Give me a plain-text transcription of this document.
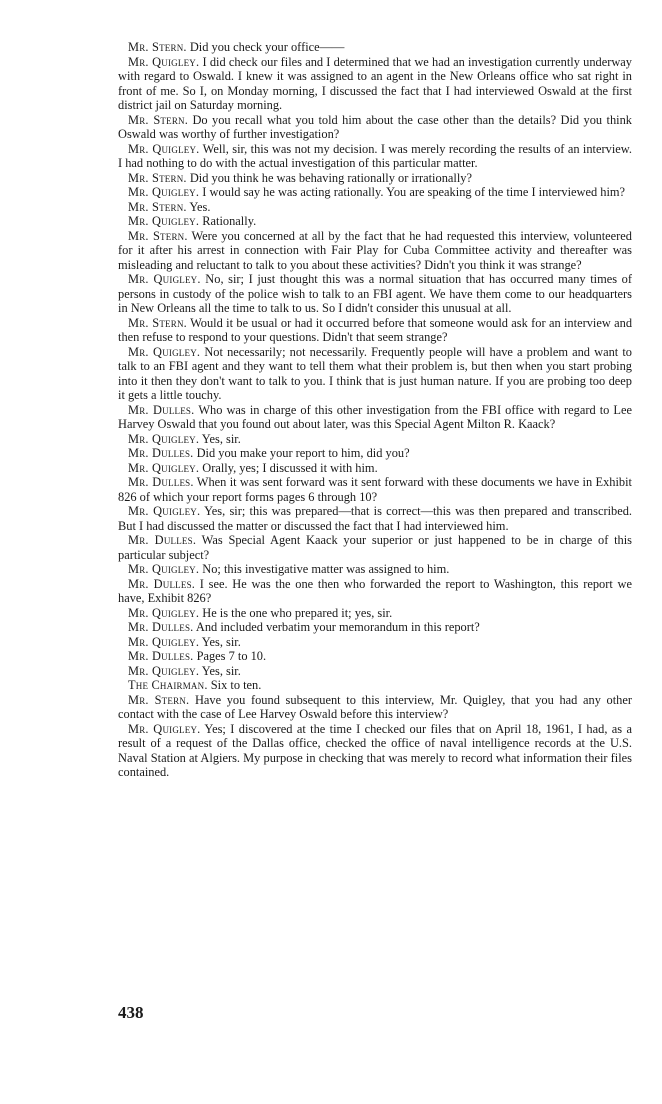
Mr. Stern. Did you check your office——

Mr. Quigley. I did check our files and I determined that we had an investigation currently underway with regard to Oswald. I knew it was assigned to an agent in the New Orleans office who sat right in front of me. So I, on Monday morning, I discussed the fact that I had interviewed Oswald at the first district jail on Saturday morning.

Mr. Stern. Do you recall what you told him about the case other than the details? Did you think Oswald was worthy of further investigation?

Mr. Quigley. Well, sir, this was not my decision. I was merely recording the results of an interview. I had nothing to do with the actual investigation of this particular matter.

Mr. Stern. Did you think he was behaving rationally or irrationally?

Mr. Quigley. I would say he was acting rationally. You are speaking of the time I interviewed him?

Mr. Stern. Yes.

Mr. Quigley. Rationally.

Mr. Stern. Were you concerned at all by the fact that he had requested this interview, volunteered for it after his arrest in connection with Fair Play for Cuba Committee activity and thereafter was misleading and reluctant to talk to you about these activities? Didn't you think it was strange?

Mr. Quigley. No, sir; I just thought this was a normal situation that has occurred many times of persons in custody of the police wish to talk to an FBI agent. We have them come to our headquarters in New Orleans all the time to talk to us. So I didn't consider this unusual at all.

Mr. Stern. Would it be usual or had it occurred before that someone would ask for an interview and then refuse to respond to your questions. Didn't that seem strange?

Mr. Quigley. Not necessarily; not necessarily. Frequently people will have a problem and want to talk to an FBI agent and they want to tell them what their problem is, but then when you start probing into it then they don't want to talk to you. I think that is just human nature. If you are probing too deep it gets a little touchy.

Mr. Dulles. Who was in charge of this other investigation from the FBI office with regard to Lee Harvey Oswald that you found out about later, was this Special Agent Milton R. Kaack?

Mr. Quigley. Yes, sir.

Mr. Dulles. Did you make your report to him, did you?

Mr. Quigley. Orally, yes; I discussed it with him.

Mr. Dulles. When it was sent forward was it sent forward with these documents we have in Exhibit 826 of which your report forms pages 6 through 10?

Mr. Quigley. Yes, sir; this was prepared—that is correct—this was then prepared and transcribed. But I had discussed the matter or discussed the fact that I had interviewed him.

Mr. Dulles. Was Special Agent Kaack your superior or just happened to be in charge of this particular subject?

Mr. Quigley. No; this investigative matter was assigned to him.

Mr. Dulles. I see. He was the one then who forwarded the report to Washington, this report we have, Exhibit 826?

Mr. Quigley. He is the one who prepared it; yes, sir.

Mr. Dulles. And included verbatim your memorandum in this report?

Mr. Quigley. Yes, sir.

Mr. Dulles. Pages 7 to 10.

Mr. Quigley. Yes, sir.

The Chairman. Six to ten.

Mr. Stern. Have you found subsequent to this interview, Mr. Quigley, that you had any other contact with the case of Lee Harvey Oswald before this interview?

Mr. Quigley. Yes; I discovered at the time I checked our files that on April 18, 1961, I had, as a result of a request of the Dallas office, checked the office of naval intelligence records at the U.S. Naval Station at Algiers. My purpose in checking that was merely to record what information their files contained.

438
